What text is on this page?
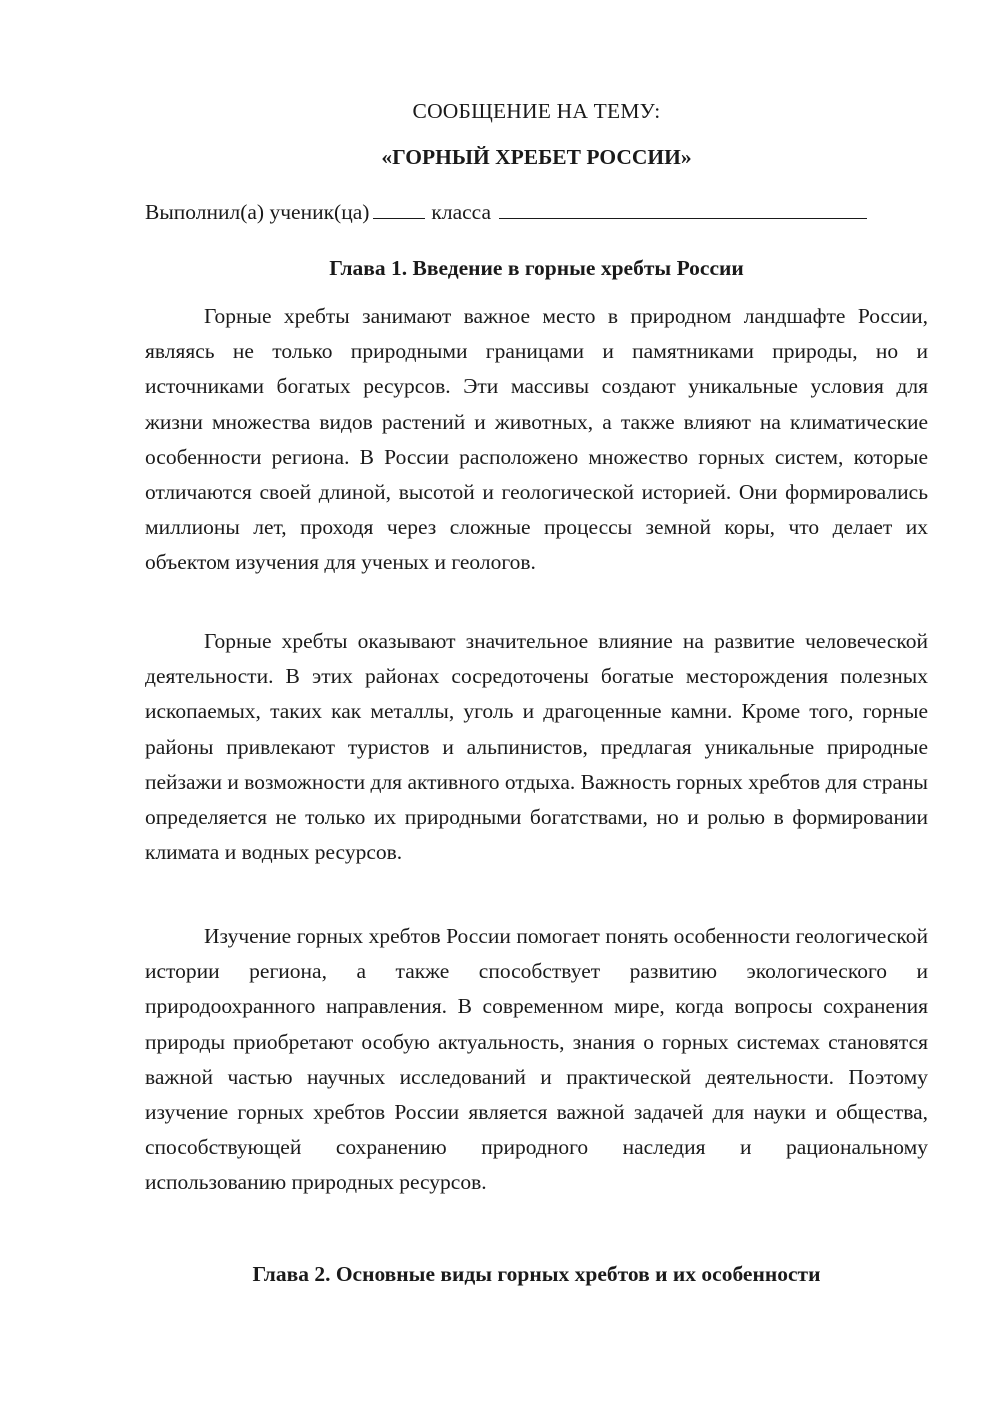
СООБЩЕНИЕ НА ТЕМУ:
«ГОРНЫЙ ХРЕБЕТ РОССИИ»
Выполнил(а) ученик(ца)	класса
Глава 1. Введение в горные хребты России

Горные хребты занимают важное место в природном ландшафте России, являясь не только природными границами и памятниками природы, но и источниками богатых ресурсов. Эти массивы создают уникальные условия для жизни множества видов растений и животных, а также влияют на климатические особенности региона. В России расположено множество горных систем, которые отличаются своей длиной, высотой и геологической историей. Они формировались миллионы лет, проходя через сложные процессы земной коры, что делает их объектом изучения для ученых и геологов.

Горные хребты оказывают значительное влияние на развитие человеческой деятельности. В этих районах сосредоточены богатые месторождения полезных ископаемых, таких как металлы, уголь и драгоценные камни. Кроме того, горные районы привлекают туристов и альпинистов, предлагая уникальные природные пейзажи и возможности для активного отдыха. Важность горных хребтов для страны определяется не только их природными богатствами, но и ролью в формировании климата и водных ресурсов.

Изучение горных хребтов России помогает понять особенности геологической истории региона, а также способствует развитию экологического и природоохранного направления. В современном мире, когда вопросы сохранения природы приобретают особую актуальность, знания о горных системах становятся важной частью научных исследований и практической деятельности. Поэтому изучение горных хребтов России является важной задачей для науки и общества, способствующей сохранению природного наследия и рациональному использованию природных ресурсов.

Глава 2. Основные виды горных хребтов и их особенности
